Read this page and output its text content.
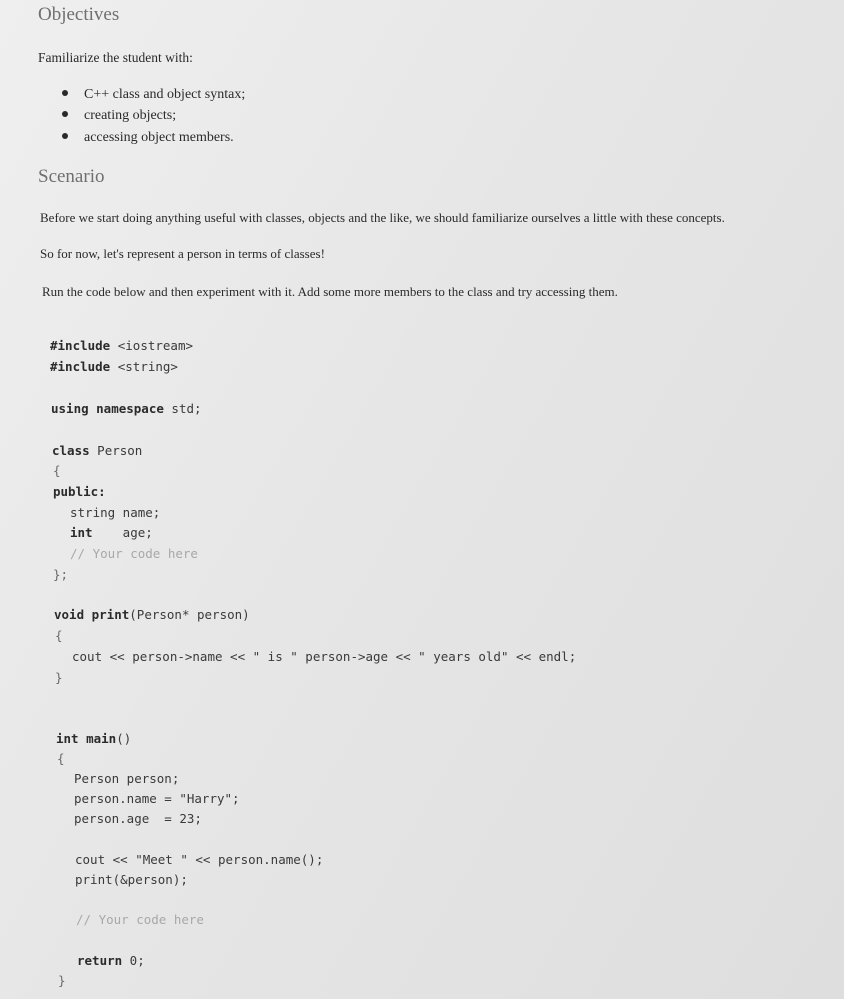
Objectives
Familiarize the student with:
C++ class and object syntax;
creating objects;
accessing object members.
Scenario
Before we start doing anything useful with classes, objects and the like, we should familiarize ourselves a little with these concepts.
So for now, let's represent a person in terms of classes!
Run the code below and then experiment with it. Add some more members to the class and try accessing them.
#include <iostream>
#include <string>
using namespace std;
class Person
{
public:
string name;
int    age;
// Your code here
};
void print(Person* person)
{
cout << person->name << " is " person->age << " years old" << endl;
}
int main()
{
Person person;
person.name = "Harry";
person.age  = 23;
cout << "Meet " << person.name();
print(&person);
// Your code here
return 0;
}
